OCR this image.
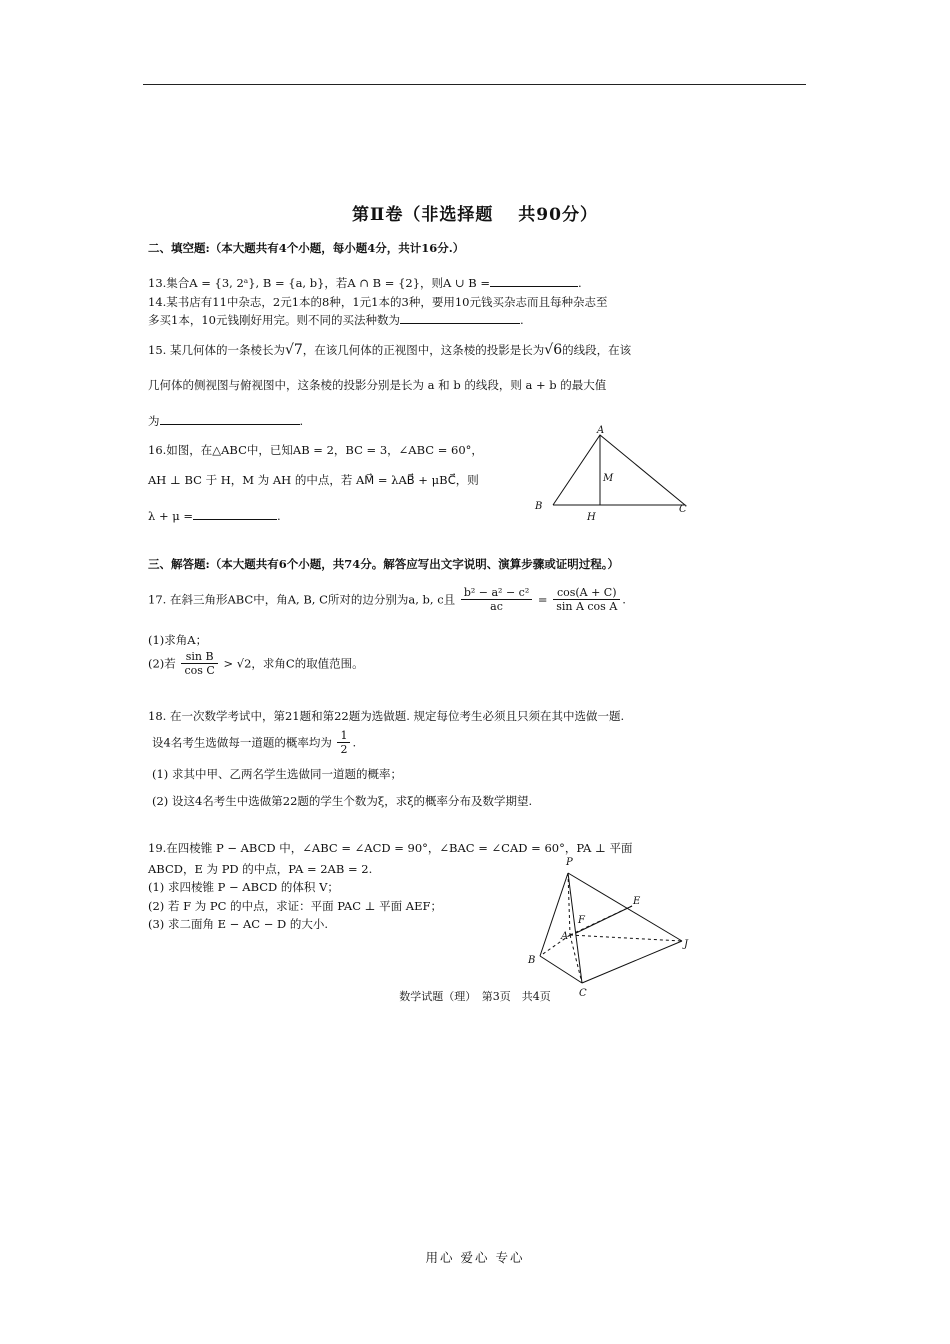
第Ⅱ卷（非选择题　 共90分）
二、填空题:（本大题共有4个小题，每小题4分，共计16分.）
13.集合A = {3, 2ᵃ}, B = {a, b}，若A ∩ B = {2}，则A ∪ B =	.
14.某书店有11中杂志，2元1本的8种，1元1本的3种，要用10元钱买杂志而且每种杂志至
多买1本，10元钱刚好用完。则不同的买法种数为	.
15. 某几何体的一条棱长为√7，在该几何体的正视图中，这条棱的投影是长为√6的线段，在该
几何体的侧视图与俯视图中，这条棱的投影分别是长为 a 和 b 的线段，则 a + b 的最大值
为	.
16.如图，在△ABC中，已知AB = 2，BC = 3，∠ABC = 60°，
AH ⊥ BC 于 H，M 为 AH 的中点，若 AM⃗ = λAB⃗ + μBC⃗，则
λ + μ =	.
A
B	C
H
M
三、解答题:（本大题共有6个小题，共74分。解答应写出文字说明、演算步骤或证明过程。）
17. 在斜三角形ABC中，角A, B, C所对的边分别为a, b, c且 $\frac{\text{b² − a² − c²}}{ac} = \frac{\cos(A + C)}{\text{sin A cos A}}$ .
(1)求角A；
(2)若 $\frac{\text{sin B}}{\text{cos C}} > √2$，求角C的取值范围。
18. 在一次数学考试中，第21题和第22题为选做题. 规定每位考生必须且只须在其中选做一题.
设4名考生选做每一道题的概率均为 $\frac{1}{2}$ .
(1) 求其中甲、乙两名学生选做同一道题的概率；
(2) 设这4名考生中选做第22题的学生个数为ξ，求ξ的概率分布及数学期望.
19.在四棱锥 P − ABCD 中，∠ABC = ∠ACD = 90°，∠BAC = ∠CAD = 60°，PA ⊥ 平面
ABCD，E 为 PD 的中点，PA = 2AB = 2.
(1) 求四棱锥 P − ABCD 的体积 V；
(2) 若 F 为 PC 的中点，求证：平面 PAC ⊥ 平面 AEF；
(3) 求二面角 E − AC − D 的大小.
P
E
F
A
B
C
J
数学试题（理）　第3页　共4页
用心 爱心 专心
